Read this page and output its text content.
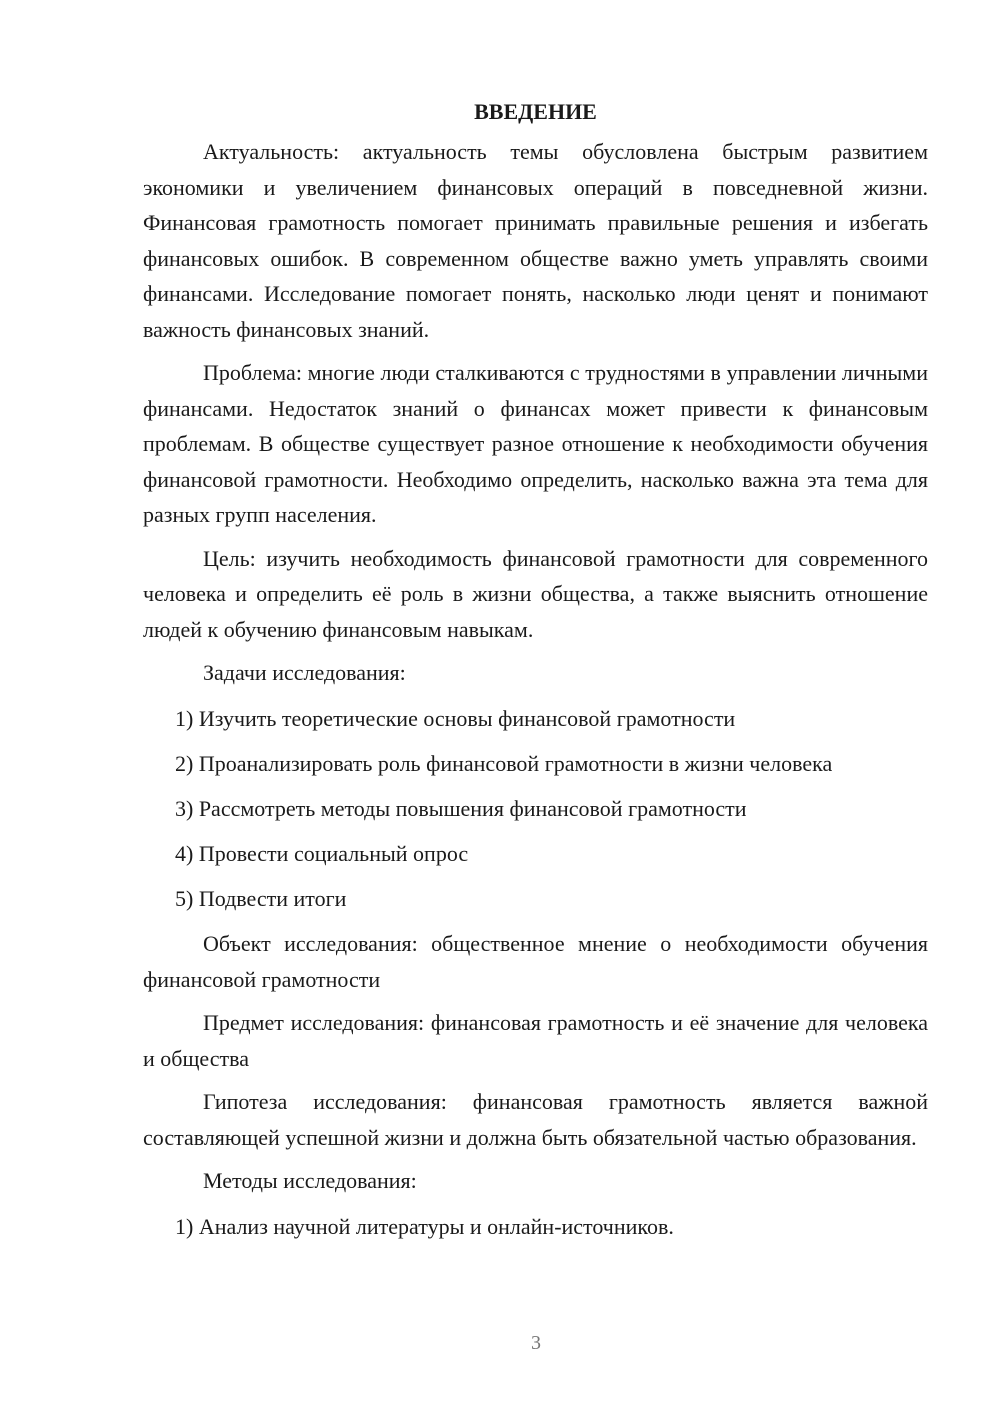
ВВЕДЕНИЕ

Актуальность: актуальность темы обусловлена быстрым развитием экономики и увеличением финансовых операций в повседневной жизни. Финансовая грамотность помогает принимать правильные решения и избегать финансовых ошибок. В современном обществе важно уметь управлять своими финансами. Исследование помогает понять, насколько люди ценят и понимают важность финансовых знаний.

Проблема: многие люди сталкиваются с трудностями в управлении личными финансами. Недостаток знаний о финансах может привести к финансовым проблемам. В обществе существует разное отношение к необходимости обучения финансовой грамотности. Необходимо определить, насколько важна эта тема для разных групп населения.

Цель: изучить необходимость финансовой грамотности для современного человека и определить её роль в жизни общества, а также выяснить отношение людей к обучению финансовым навыкам.

Задачи исследования:

1) Изучить теоретические основы финансовой грамотности
2) Проанализировать роль финансовой грамотности в жизни человека
3) Рассмотреть методы повышения финансовой грамотности
4) Провести социальный опрос
5) Подвести итоги

Объект исследования: общественное мнение о необходимости обучения финансовой грамотности

Предмет исследования: финансовая грамотность и её значение для человека и общества

Гипотеза исследования: финансовая грамотность является важной составляющей успешной жизни и должна быть обязательной частью образования.

Методы исследования:

1) Анализ научной литературы и онлайн-источников.
3
